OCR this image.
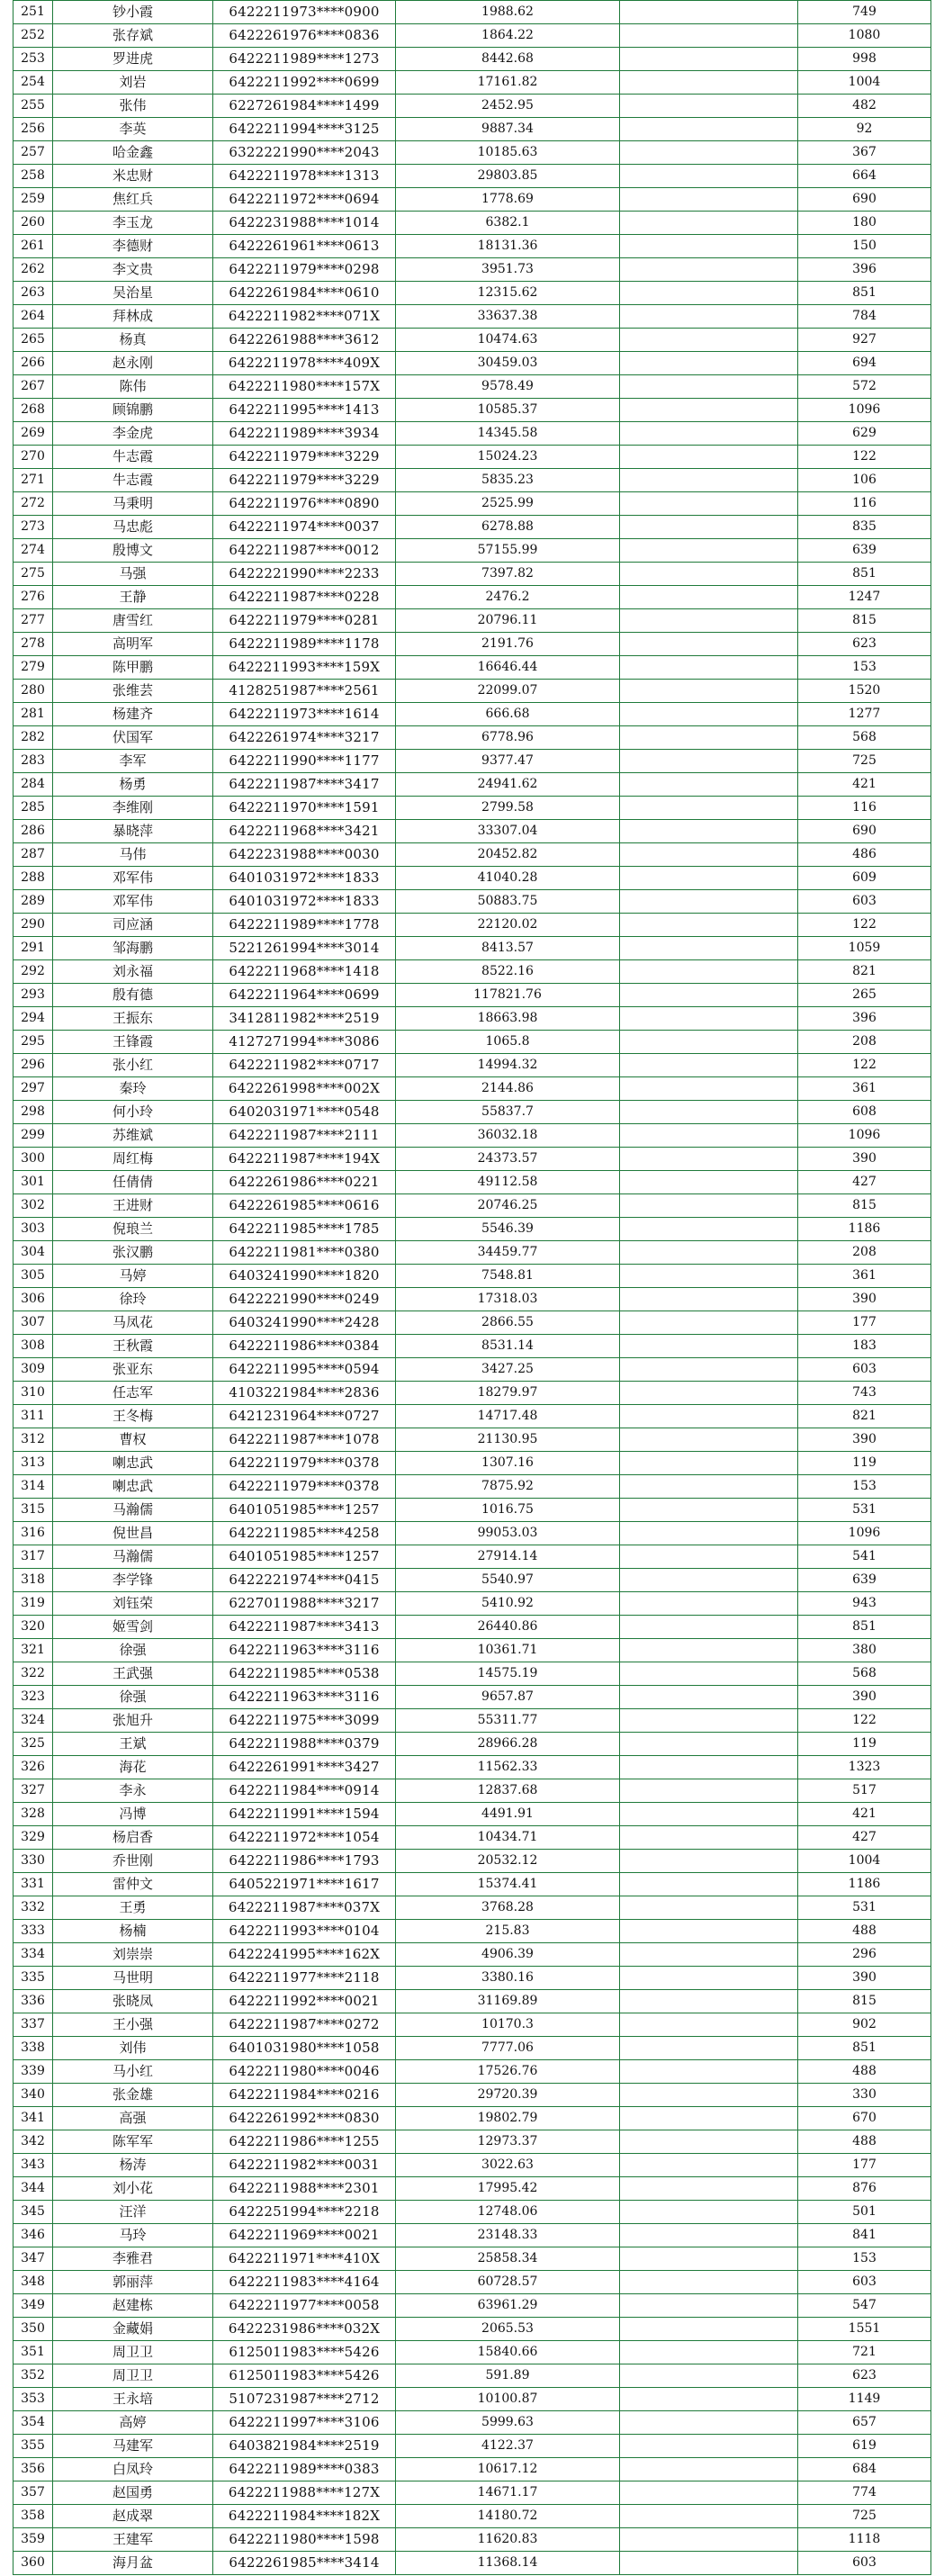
251	钞小霞	6422211973****0900	1988.62		749
252	张存斌	6422261976****0836	1864.22		1080
253	罗进虎	6422211989****1273	8442.68		998
254	刘岩	6422211992****0699	17161.82		1004
255	张伟	6227261984****1499	2452.95		482
256	李英	6422211994****3125	9887.34		92
257	哈金鑫	6322221990****2043	10185.63		367
258	米忠财	6422211978****1313	29803.85		664
259	焦红兵	6422211972****0694	1778.69		690
260	李玉龙	6422231988****1014	6382.1		180
261	李德财	6422261961****0613	18131.36		150
262	李文贵	6422211979****0298	3951.73		396
263	吴治星	6422261984****0610	12315.62		851
264	拜林成	6422211982****071X	33637.38		784
265	杨真	6422261988****3612	10474.63		927
266	赵永刚	6422211978****409X	30459.03		694
267	陈伟	6422211980****157X	9578.49		572
268	顾锦鹏	6422211995****1413	10585.37		1096
269	李金虎	6422211989****3934	14345.58		629
270	牛志霞	6422211979****3229	15024.23		122
271	牛志霞	6422211979****3229	5835.23		106
272	马秉明	6422211976****0890	2525.99		116
273	马忠彪	6422211974****0037	6278.88		835
274	殷博文	6422211987****0012	57155.99		639
275	马强	6422221990****2233	7397.82		851
276	王静	6422211987****0228	2476.2		1247
277	唐雪红	6422211979****0281	20796.11		815
278	高明军	6422211989****1178	2191.76		623
279	陈甲鹏	6422211993****159X	16646.44		153
280	张维芸	4128251987****2561	22099.07		1520
281	杨建齐	6422211973****1614	666.68		1277
282	伏国军	6422261974****3217	6778.96		568
283	李军	6422211990****1177	9377.47		725
284	杨勇	6422211987****3417	24941.62		421
285	李维刚	6422211970****1591	2799.58		116
286	暴晓萍	6422211968****3421	33307.04		690
287	马伟	6422231988****0030	20452.82		486
288	邓军伟	6401031972****1833	41040.28		609
289	邓军伟	6401031972****1833	50883.75		603
290	司应涵	6422211989****1778	22120.02		122
291	邹海鹏	5221261994****3014	8413.57		1059
292	刘永福	6422211968****1418	8522.16		821
293	殷有德	6422211964****0699	117821.76		265
294	王振东	3412811982****2519	18663.98		396
295	王锋霞	4127271994****3086	1065.8		208
296	张小红	6422211982****0717	14994.32		122
297	秦玲	6422261998****002X	2144.86		361
298	何小玲	6402031971****0548	55837.7		608
299	苏维斌	6422211987****2111	36032.18		1096
300	周红梅	6422211987****194X	24373.57		390
301	任倩倩	6422261986****0221	49112.58		427
302	王进财	6422261985****0616	20746.25		815
303	倪琅兰	6422211985****1785	5546.39		1186
304	张汉鹏	6422211981****0380	34459.77		208
305	马婷	6403241990****1820	7548.81		361
306	徐玲	6422221990****0249	17318.03		390
307	马凤花	6403241990****2428	2866.55		177
308	王秋霞	6422211986****0384	8531.14		183
309	张亚东	6422211995****0594	3427.25		603
310	任志军	4103221984****2836	18279.97		743
311	王冬梅	6421231964****0727	14717.48		821
312	曹权	6422211987****1078	21130.95		390
313	喇忠武	6422211979****0378	1307.16		119
314	喇忠武	6422211979****0378	7875.92		153
315	马瀚儒	6401051985****1257	1016.75		531
316	倪世昌	6422211985****4258	99053.03		1096
317	马瀚儒	6401051985****1257	27914.14		541
318	李学锋	6422221974****0415	5540.97		639
319	刘钰荣	6227011988****3217	5410.92		943
320	姬雪剑	6422211987****3413	26440.86		851
321	徐强	6422211963****3116	10361.71		380
322	王武强	6422211985****0538	14575.19		568
323	徐强	6422211963****3116	9657.87		390
324	张旭升	6422211975****3099	55311.77		122
325	王斌	6422211988****0379	28966.28		119
326	海花	6422261991****3427	11562.33		1323
327	李永	6422211984****0914	12837.68		517
328	冯博	6422211991****1594	4491.91		421
329	杨启香	6422211972****1054	10434.71		427
330	乔世刚	6422211986****1793	20532.12		1004
331	雷仲文	6405221971****1617	15374.41		1186
332	王勇	6422211987****037X	3768.28		531
333	杨楠	6422211993****0104	215.83		488
334	刘崇崇	6422241995****162X	4906.39		296
335	马世明	6422211977****2118	3380.16		390
336	张晓凤	6422211992****0021	31169.89		815
337	王小强	6422211987****0272	10170.3		902
338	刘伟	6401031980****1058	7777.06		851
339	马小红	6422211980****0046	17526.76		488
340	张金雄	6422211984****0216	29720.39		330
341	高强	6422261992****0830	19802.79		670
342	陈军军	6422211986****1255	12973.37		488
343	杨涛	6422211982****0031	3022.63		177
344	刘小花	6422211988****2301	17995.42		876
345	汪洋	6422251994****2218	12748.06		501
346	马玲	6422211969****0021	23148.33		841
347	李雅君	6422211971****410X	25858.34		153
348	郭丽萍	6422211983****4164	60728.57		603
349	赵建栋	6422211977****0058	63961.29		547
350	金藏娟	6422231986****032X	2065.53		1551
351	周卫卫	6125011983****5426	15840.66		721
352	周卫卫	6125011983****5426	591.89		623
353	王永培	5107231987****2712	10100.87		1149
354	高婷	6422211997****3106	5999.63		657
355	马建军	6403821984****2519	4122.37		619
356	白凤玲	6422211989****0383	10617.12		684
357	赵国勇	6422211988****127X	14671.17		774
358	赵成翠	6422211984****182X	14180.72		725
359	王建军	6422211980****1598	11620.83		1118
360	海月盆	6422261985****3414	11368.14		603
